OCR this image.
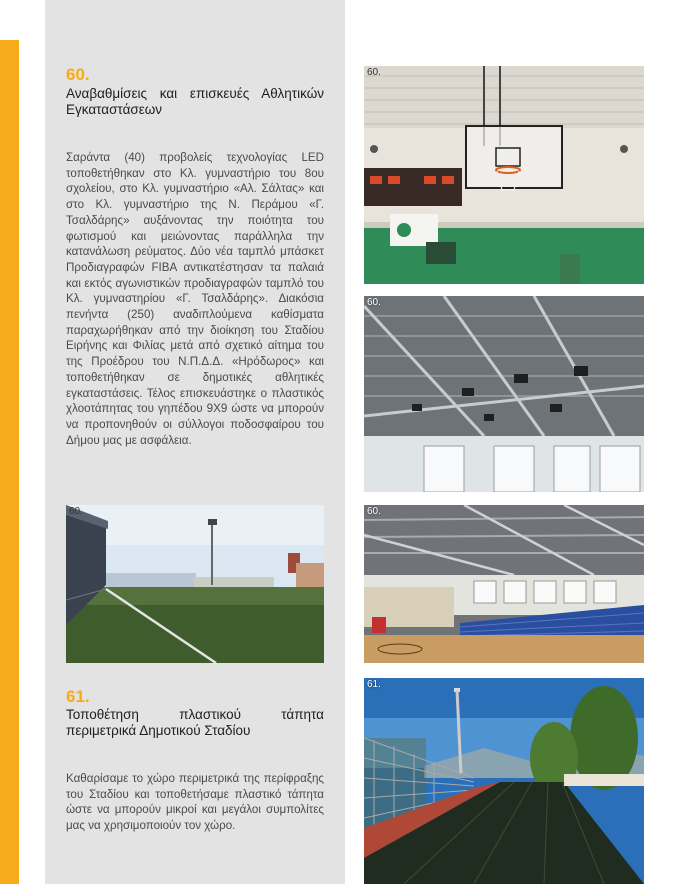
60.
Αναβαθμίσεις και επισκευές Αθλητικών Εγκαταστάσεων

Σαράντα (40) προβολείς τεχνολογίας LED τοποθετήθηκαν στο Κλ. γυμναστήριο του 8ου σχολείου, στο Κλ. γυμναστήριο «Αλ. Σάλτας» και στο Κλ. γυμναστήριο της Ν. Περάμου «Γ. Τσαλδάρης» αυξάνοντας την ποιότητα του φωτισμού και μειώνοντας παράλληλα την κατανάλωση ρεύματος. Δύο νέα ταμπλό μπάσκετ Προδιαγραφών FIBA αντικατέστησαν τα παλαιά και εκτός αγωνιστικών προδιαγραφών ταμπλό του Κλ. γυμναστηρίου «Γ. Τσαλδάρης». Διακόσια πενήντα (250) αναδιπλούμενα καθίσματα παραχωρήθηκαν από την διοίκηση του Σταδίου Ειρήνης και Φιλίας μετά από σχετικό αίτημα του της Προέδρου του Ν.Π.Δ.Δ. «Ηρόδωρος» και τοποθετήθηκαν σε δημοτικές αθλητικές εγκαταστάσεις. Τέλος επισκευάστηκε ο πλαστικός χλοοτάπητας του γηπέδου 9Χ9 ώστε να μπορούν να προπονηθούν οι σύλλογοι ποδοσφαίρου του Δήμου μας με ασφάλεια.

60.
61.
Τοποθέτηση πλαστικού τάπητα περιμετρικά Δημοτικού Σταδίου

Καθαρίσαμε το χώρο περιμετρικά της περίφραξης του Σταδίου και τοποθετήσαμε πλαστικό τάπητα ώστε να μπορούν μικροί και μεγάλοι συμπολίτες μας να χρησιμοποιούν τον χώρο.

60.
60.
60.
61.
